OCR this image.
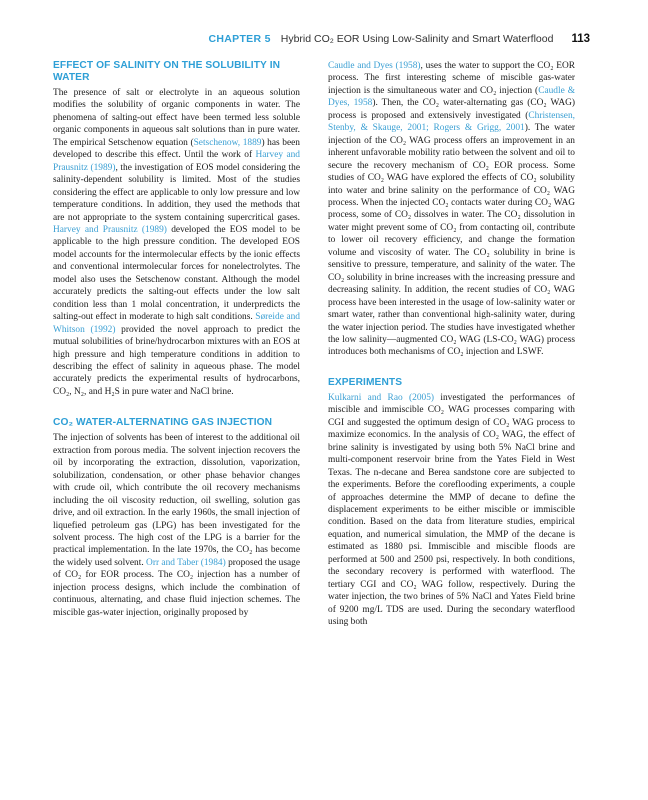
CHAPTER 5 Hybrid CO₂ EOR Using Low-Salinity and Smart Waterflood 113
EFFECT OF SALINITY ON THE SOLUBILITY IN WATER

The presence of salt or electrolyte in an aqueous solution modifies the solubility of organic components in water. The phenomena of salting-out effect have been termed less soluble organic components in aqueous salt solutions than in pure water. The empirical Setschenow equation (Setschenow, 1889) has been developed to describe this effect. Until the work of Harvey and Prausnitz (1989), the investigation of EOS model considering the salinity-dependent solubility is limited. Most of the studies considering the effect are applicable to only low pressure and low temperature conditions. In addition, they used the methods that are not appropriate to the system containing supercritical gases. Harvey and Prausnitz (1989) developed the EOS model to be applicable to the high pressure condition. The developed EOS model accounts for the intermolecular effects by the ionic effects and conventional intermolecular forces for nonelectrolytes. The model also uses the Setschenow constant. Although the model accurately predicts the salting-out effects under the low salt condition less than 1 molal concentration, it underpredicts the salting-out effect in moderate to high salt conditions. Søreide and Whitson (1992) provided the novel approach to predict the mutual solubilities of brine/hydrocarbon mixtures with an EOS at high pressure and high temperature conditions in addition to describing the effect of salinity in aqueous phase. The model accurately predicts the experimental results of hydrocarbons, CO₂, N₂, and H₂S in pure water and NaCl brine.

CO₂ WATER-ALTERNATING GAS INJECTION

The injection of solvents has been of interest to the additional oil extraction from porous media. The solvent injection recovers the oil by incorporating the extraction, dissolution, vaporization, solubilization, condensation, or other phase behavior changes with crude oil, which contribute the oil recovery mechanisms including the oil viscosity reduction, oil swelling, solution gas drive, and oil extraction. In the early 1960s, the small injection of liquefied petroleum gas (LPG) has been investigated for the solvent process. The high cost of the LPG is a barrier for the practical implementation. In the late 1970s, the CO₂ has become the widely used solvent. Orr and Taber (1984) proposed the usage of CO₂ for EOR process. The CO₂ injection has a number of injection process designs, which include the combination of continuous, alternating, and chase fluid injection schemes. The miscible gas-water injection, originally proposed by

Caudle and Dyes (1958), uses the water to support the CO₂ EOR process. The first interesting scheme of miscible gas-water injection is the simultaneous water and CO₂ injection (Caudle & Dyes, 1958). Then, the CO₂ water-alternating gas (CO₂ WAG) process is proposed and extensively investigated (Christensen, Stenby, & Skauge, 2001; Rogers & Grigg, 2001). The water injection of the CO₂ WAG process offers an improvement in an inherent unfavorable mobility ratio between the solvent and oil to secure the recovery mechanism of CO₂ EOR process. Some studies of CO₂ WAG have explored the effects of CO₂ solubility into water and brine salinity on the performance of CO₂ WAG process. When the injected CO₂ contacts water during CO₂ WAG process, some of CO₂ dissolves in water. The CO₂ dissolution in water might prevent some of CO₂ from contacting oil, contribute to lower oil recovery efficiency, and change the formation volume and viscosity of water. The CO₂ solubility in brine is sensitive to pressure, temperature, and salinity of the water. The CO₂ solubility in brine increases with the increasing pressure and decreasing salinity. In addition, the recent studies of CO₂ WAG process have been interested in the usage of low-salinity water or smart water, rather than conventional high-salinity water, during the water injection period. The studies have investigated whether the low salinity—augmented CO₂ WAG (LS-CO₂ WAG) process introduces both mechanisms of CO₂ injection and LSWF.

EXPERIMENTS

Kulkarni and Rao (2005) investigated the performances of miscible and immiscible CO₂ WAG processes comparing with CGI and suggested the optimum design of CO₂ WAG process to maximize economics. In the analysis of CO₂ WAG, the effect of brine salinity is investigated by using both 5% NaCl brine and multi-component reservoir brine from the Yates Field in West Texas. The n-decane and Berea sandstone core are subjected to the experiments. Before the coreflooding experiments, a couple of approaches determine the MMP of decane to define the displacement experiments to be either miscible or immiscible condition. Based on the data from literature studies, empirical equation, and numerical simulation, the MMP of the decane is estimated as 1880 psi. Immiscible and miscible floods are performed at 500 and 2500 psi, respectively. In both conditions, the secondary recovery is performed with waterflood. The tertiary CGI and CO₂ WAG follow, respectively. During the water injection, the two brines of 5% NaCl and Yates Field brine of 9200 mg/L TDS are used. During the secondary waterflood using both
